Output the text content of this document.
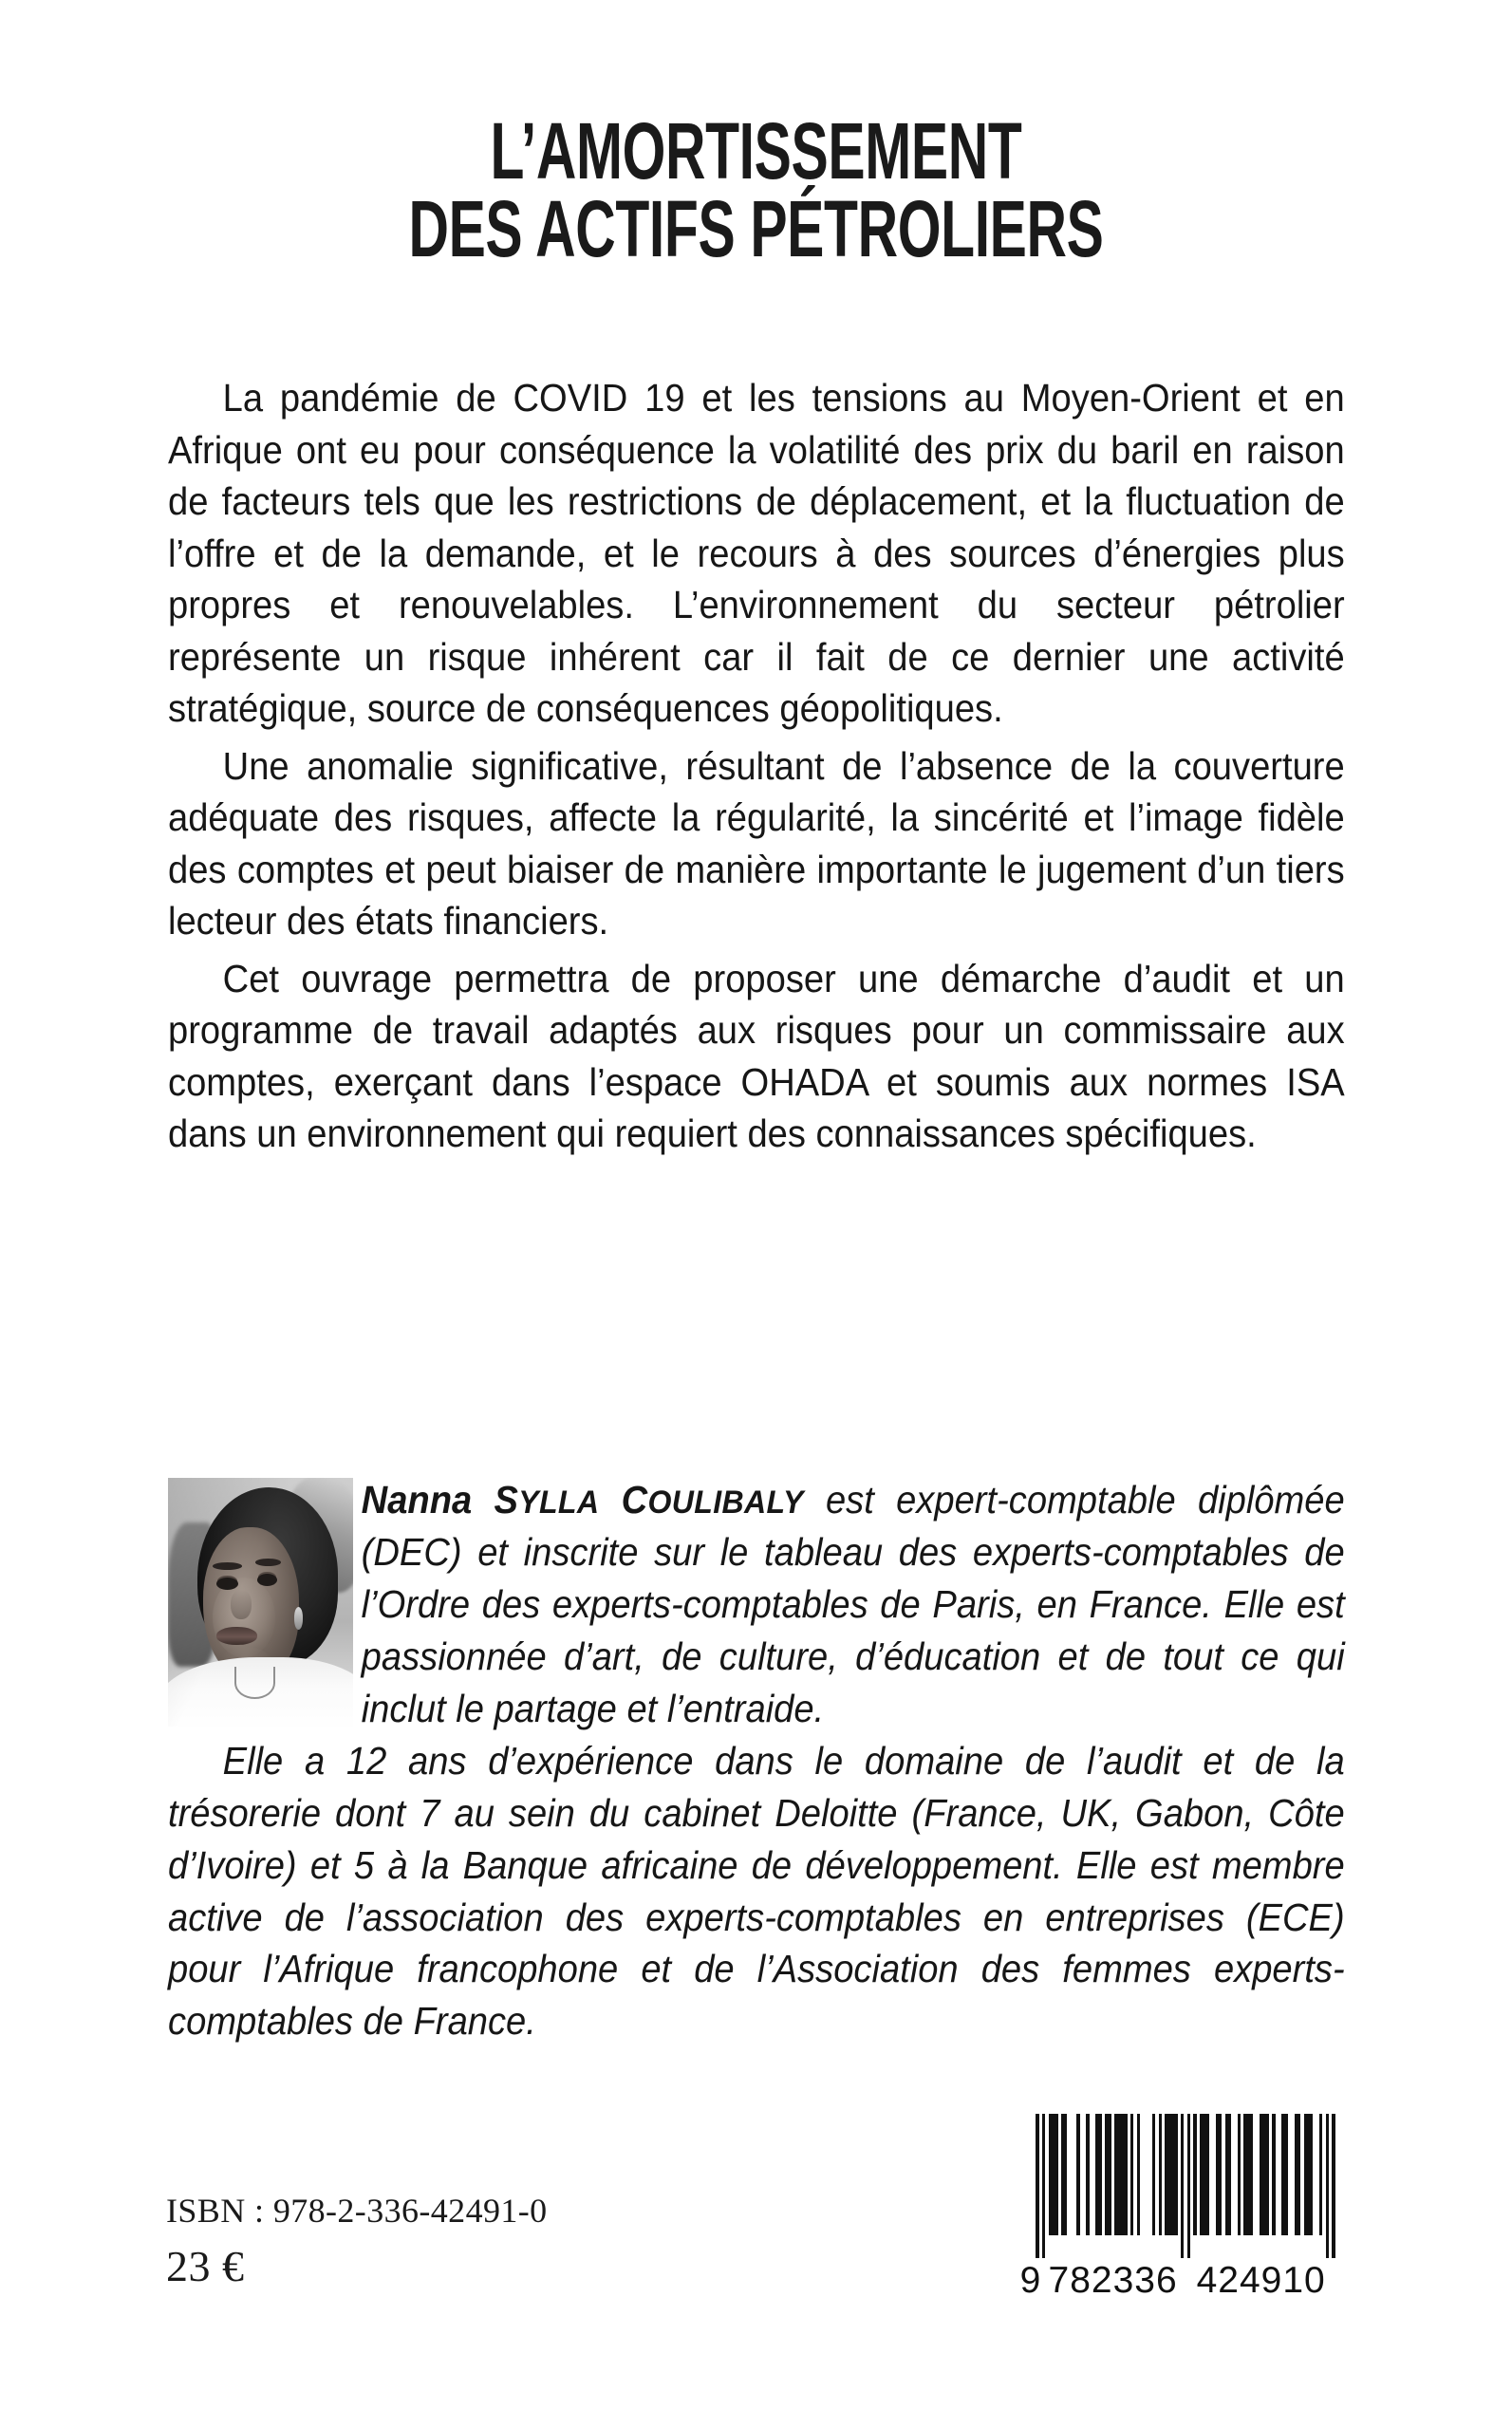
L’AMORTISSEMENT
DES ACTIFS PÉTROLIERS

La pandémie de COVID 19 et les tensions au Moyen-Orient et en Afrique ont eu pour conséquence la volatilité des prix du baril en raison de facteurs tels que les restrictions de déplacement, et la fluctuation de l’offre et de la demande, et le recours à des sources d’énergies plus propres et renouvelables. L’environnement du secteur pétrolier représente un risque inhérent car il fait de ce dernier une activité stratégique, source de conséquences géopolitiques.

Une anomalie significative, résultant de l’absence de la couverture adéquate des risques, affecte la régularité, la sincérité et l’image fidèle des comptes et peut biaiser de manière importante le jugement d’un tiers lecteur des états financiers.

Cet ouvrage permettra de proposer une démarche d’audit et un programme de travail adaptés aux risques pour un commissaire aux comptes, exerçant dans l’espace OHADA et soumis aux normes ISA dans un environnement qui requiert des connaissances spécifiques.

Nanna SYLLA COULIBALY est expert-comptable diplômée (DEC) et inscrite sur le tableau des experts-comptables de l’Ordre des experts-comptables de Paris, en France. Elle est passionnée d’art, de culture, d’éducation et de tout ce qui inclut le partage et l’entraide.

Elle a 12 ans d’expérience dans le domaine de l’audit et de la trésorerie dont 7 au sein du cabinet Deloitte (France, UK, Gabon, Côte d’Ivoire) et 5 à la Banque africaine de développement. Elle est membre active de l’association des experts-comptables en entreprises (ECE) pour l’Afrique francophone et de l’Association des femmes experts-comptables de France.

ISBN : 978-2-336-42491-0
23 €	9 782336 424910
